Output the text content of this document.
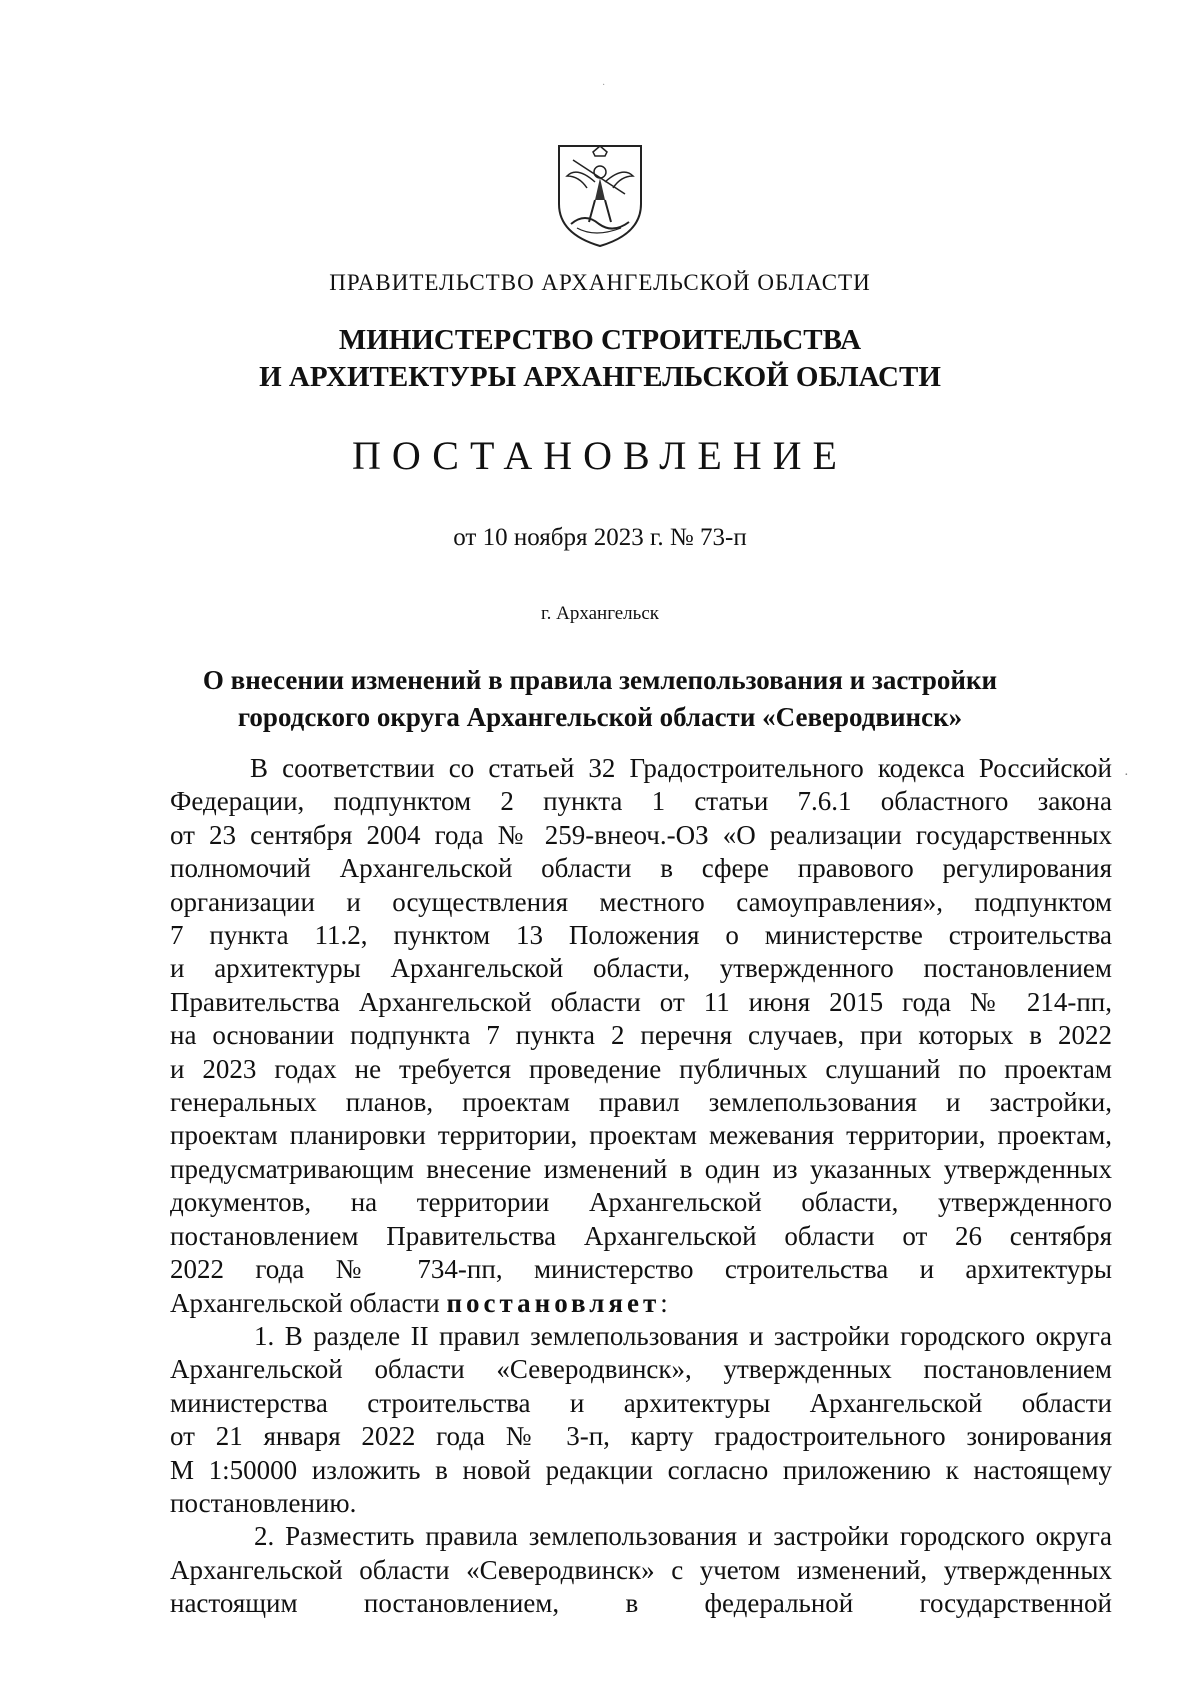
·
ПРАВИТЕЛЬСТВО АРХАНГЕЛЬСКОЙ ОБЛАСТИ
МИНИСТЕРСТВО СТРОИТЕЛЬСТВА
И АРХИТЕКТУРЫ АРХАНГЕЛЬСКОЙ ОБЛАСТИ
ПОСТАНОВЛЕНИЕ
от 10 ноября 2023 г. № 73-п
г. Архангельск
О внесении изменений в правила землепользования и застройки
городского округа Архангельской области «Северодвинск»
·
В соответствии со статьей 32 Градостроительного кодекса Российской
Федерации, подпунктом 2 пункта 1 статьи 7.6.1 областного закона
от 23 сентября 2004 года № 259-внеоч.-ОЗ «О реализации государственных
полномочий Архангельской области в сфере правового регулирования
организации и осуществления местного самоуправления», подпунктом
7 пункта 11.2, пунктом 13 Положения о министерстве строительства
и архитектуры Архангельской области, утвержденного постановлением
Правительства Архангельской области от 11 июня 2015 года № 214-пп,
на основании подпункта 7 пункта 2 перечня случаев, при которых в 2022
и 2023 годах не требуется проведение публичных слушаний по проектам
генеральных планов, проектам правил землепользования и застройки,
проектам планировки территории, проектам межевания территории, проектам,
предусматривающим внесение изменений в один из указанных утвержденных
документов, на территории Архангельской области, утвержденного
постановлением Правительства Архангельской области от 26 сентября
2022 года № 734-пп, министерство строительства и архитектуры
Архангельской области постановляет:
1. В разделе II правил землепользования и застройки городского округа
Архангельской области «Северодвинск», утвержденных постановлением
министерства строительства и архитектуры Архангельской области
от 21 января 2022 года № 3-п, карту градостроительного зонирования
М 1:50000 изложить в новой редакции согласно приложению к настоящему
постановлению.
2. Разместить правила землепользования и застройки городского округа
Архангельской области «Северодвинск» с учетом изменений, утвержденных
настоящим постановлением, в федеральной государственной
